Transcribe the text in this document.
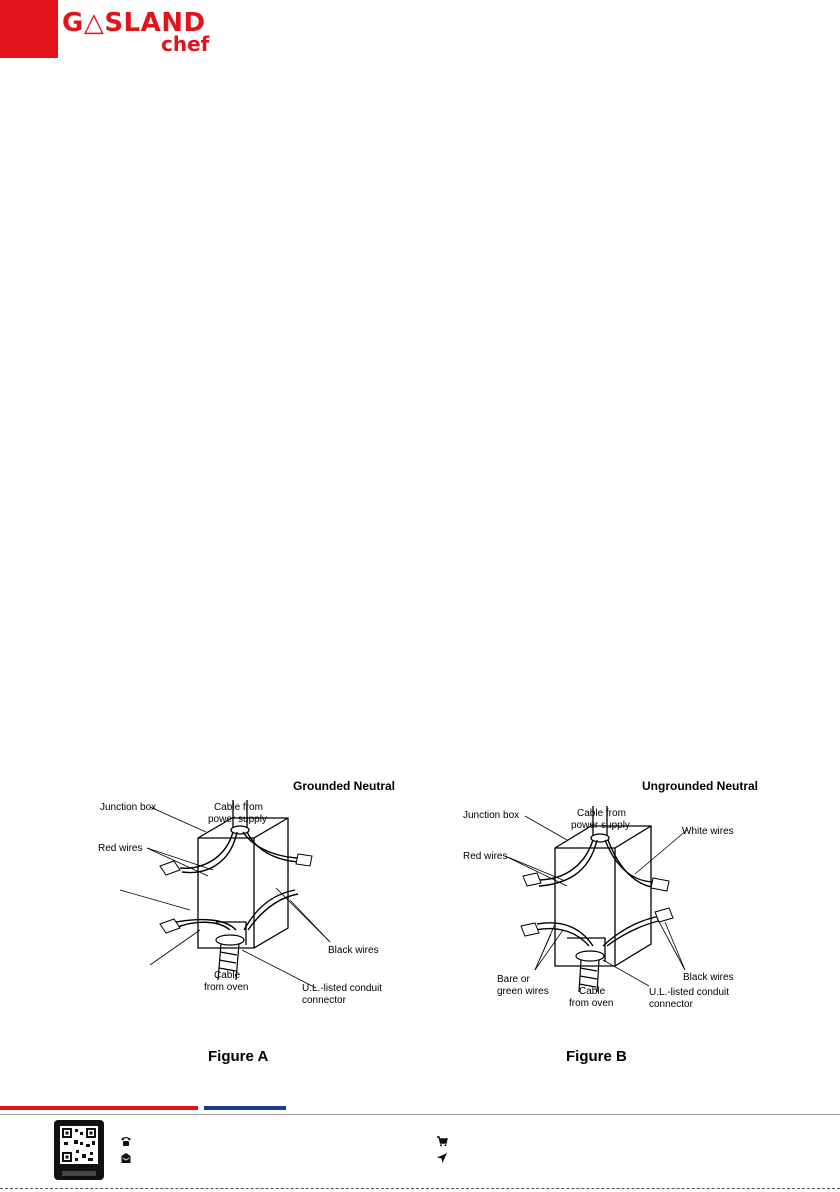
G△SLAND
chef
Grounded Neutral
Junction box	Cable from
power supply
Red wires
Black wires
Cable
from oven	U.L.-listed conduit
connector
Ungrounded Neutral
Junction box	Cable from
power supply
White wires
Red wires
Black wires
Bare or
green wires	Cable
from oven
U.L.-listed conduit
connector
Figure A	Figure B
